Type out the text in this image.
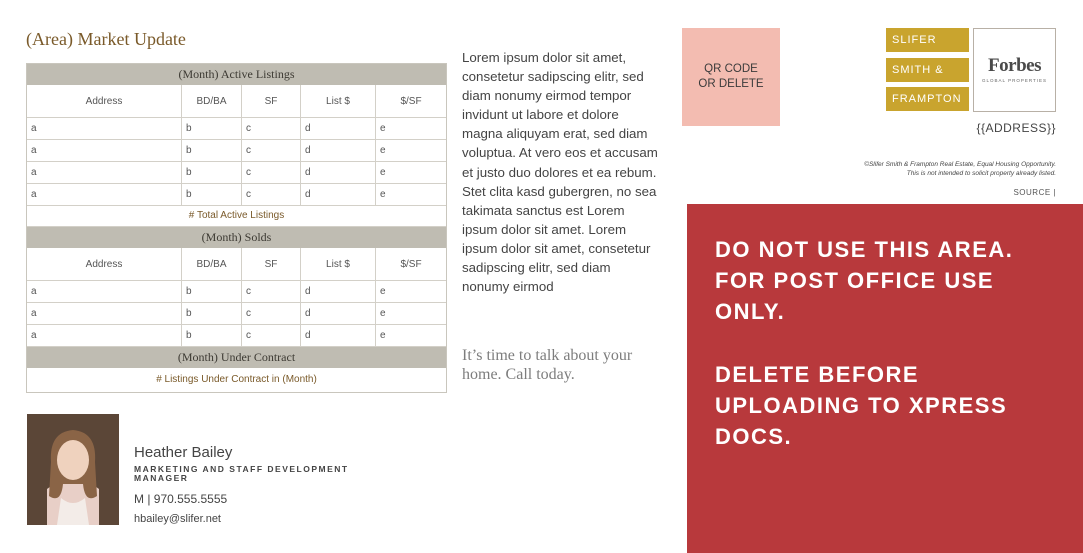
(Area) Market Update
(Month) Active Listings
Address	BD/BA	SF	List $	$/SF
a	b	c	d	e
a	b	c	d	e
a	b	c	d	e
a	b	c	d	e
# Total Active Listings
(Month) Solds
Address	BD/BA	SF	List $	$/SF
a	b	c	d	e
a	b	c	d	e
a	b	c	d	e
(Month) Under Contract
# Listings Under Contract in (Month)
Lorem ipsum dolor sit amet, consetetur sadipscing elitr, sed diam nonumy eirmod tempor invidunt ut labore et dolore magna aliquyam erat, sed diam voluptua. At vero eos et accusam et justo duo dolores et ea rebum. Stet clita kasd gubergren, no sea takimata sanctus est Lorem ipsum dolor sit amet. Lorem ipsum dolor sit amet, consetetur sadipscing elitr, sed diam nonumy eirmod
It’s time to talk about your home. Call today.
Heather Bailey
MARKETING AND STAFF DEVELOPMENT MANAGER
M | 970.555.5555
hbailey@slifer.net
QR CODE
OR DELETE
SLIFER
SMITH &
FRAMPTON
Forbes
GLOBAL PROPERTIES
{{ADDRESS}}
©Slifer Smith & Frampton Real Estate, Equal Housing Opportunity.
This is not intended to solicit property already listed.
SOURCE |
DO NOT USE THIS AREA. FOR POST OFFICE USE ONLY.
DELETE BEFORE UPLOADING TO XPRESS DOCS.
